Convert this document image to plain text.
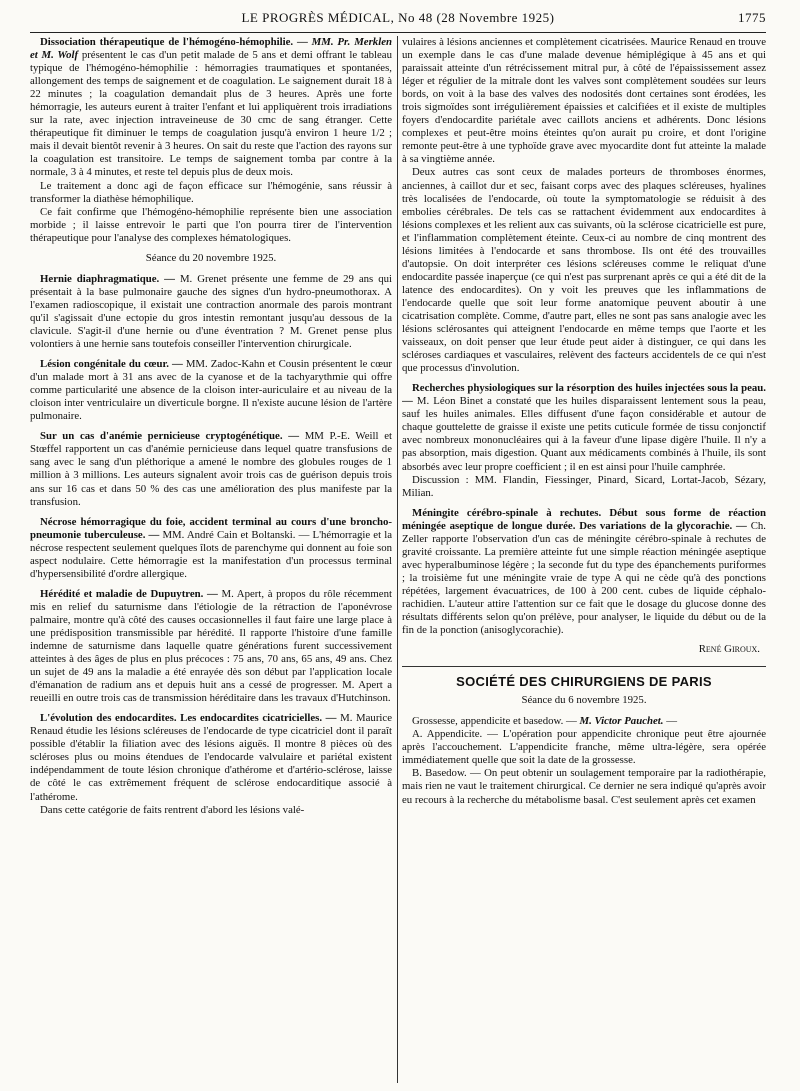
LE PROGRÈS MÉDICAL, No 48 (28 Novembre 1925)	1775

Dissociation thérapeutique de l'hémogéno-hémophilie. — MM. Pr. Merklen et M. Wolf présentent le cas d'un petit malade de 5 ans et demi offrant le tableau typique de l'hémogéno-hémophilie : hémorragies traumatiques et spontanées, allongement des temps de saignement et de coagulation. Le saignement durait 18 à 22 minutes ; la coagulation demandait plus de 3 heures. Après une forte hémorragie, les auteurs eurent à traiter l'enfant et lui appliquèrent trois irradiations sur la rate, avec injection intraveineuse de 30 cmc de sang étranger. Cette thérapeutique fit diminuer le temps de coagulation jusqu'à environ 1 heure 1/2 ; mais il devait bientôt revenir à 3 heures. On sait du reste que l'action des rayons sur la coagulation est transitoire. Le temps de saignement tomba par contre à la normale, 3 à 4 minutes, et reste tel depuis plus de deux mois.

Le traitement a donc agi de façon efficace sur l'hémogénie, sans réussir à transformer la diathèse hémophilique.

Ce fait confirme que l'hémogéno-hémophilie représente bien une association morbide ; il laisse entrevoir le parti que l'on pourra tirer de l'intervention thérapeutique pour l'analyse des complexes hématologiques.

Séance du 20 novembre 1925.

Hernie diaphragmatique. — M. Grenet présente une femme de 29 ans qui présentait à la base pulmonaire gauche des signes d'un hydro-pneumothorax. A l'examen radioscopique, il existait une contraction anormale des parois montrant qu'il s'agissait d'une ectopie du gros intestin remontant jusqu'au dessous de la clavicule. S'agit-il d'une hernie ou d'une éventration ? M. Grenet pense plus volontiers à une hernie sans toutefois conseiller l'intervention chirurgicale.

Lésion congénitale du cœur. — MM. Zadoc-Kahn et Cousin présentent le cœur d'un malade mort à 31 ans avec de la cyanose et de la tachyarythmie qui offre comme particularité une absence de la cloison inter-auriculaire et au niveau de la cloison inter ventriculaire un diverticule borgne. Il n'existe aucune lésion de l'artère pulmonaire.

Sur un cas d'anémie pernicieuse cryptogénétique. — MM P.-E. Weill et Stœffel rapportent un cas d'anémie pernicieuse dans lequel quatre transfusions de sang avec le sang d'un pléthorique a amené le nombre des globules rouges de 1 million à 3 millions. Les auteurs signalent avoir trois cas de guérison depuis trois ans sur 16 cas et dans 50 % des cas une amélioration des plus manifeste par la transfusion.

Nécrose hémorragique du foie, accident terminal au cours d'une broncho-pneumonie tuberculeuse. — MM. André Cain et Boltanski. — L'hémorragie et la nécrose respectent seulement quelques îlots de parenchyme qui donnent au foie son aspect nodulaire. Cette hémorragie est la manifestation d'un processus terminal d'hypersensibilité d'ordre allergique.

Hérédité et maladie de Dupuytren. — M. Apert, à propos du rôle récemment mis en relief du saturnisme dans l'étiologie de la rétraction de l'aponévrose palmaire, montre qu'à côté des causes occasionnelles il faut faire une large place à une prédisposition transmissible par hérédité. Il rapporte l'histoire d'une famille indemne de saturnisme dans laquelle quatre générations furent successivement atteintes à des âges de plus en plus précoces : 75 ans, 70 ans, 65 ans, 49 ans. Chez un sujet de 49 ans la maladie a été enrayée dès son début par l'application locale d'émanation de radium ans et depuis huit ans a cessé de progresser. M. Apert a reueilli en outre trois cas de transmission héréditaire dans les travaux d'Hutchinson.

L'évolution des endocardites. Les endocardites cicatricielles. — M. Maurice Renaud étudie les lésions scléreuses de l'endocarde de type cicatriciel dont il paraît possible d'établir la filiation avec des lésions aiguës. Il montre 8 pièces où des scléroses plus ou moins étendues de l'endocarde valvulaire et pariétal existent indépendamment de toute lésion chronique d'athérome et d'artério-sclérose, laisse de côté le cas extrêmement fréquent de sclérose endocarditique associé à l'athérome.

Dans cette catégorie de faits rentrent d'abord les lésions valé-

vulaires à lésions anciennes et complètement cicatrisées. Maurice Renaud en trouve un exemple dans le cas d'une malade devenue hémiplégique à 45 ans et qui paraissait atteinte d'un rétrécissement mitral pur, à côté de l'épaississement assez léger et régulier de la mitrale dont les valves sont complètement soudées sur leurs bords, on voit à la base des valves des nodosités dont certaines sont érodées, les trois sigmoïdes sont irrégulièrement épaissies et calcifiées et il existe de multiples foyers d'endocardite pariétale avec caillots anciens et adhérents. Donc lésions complexes et peut-être moins éteintes qu'on aurait pu croire, et dont l'origine remonte peut-être à une typhoïde grave avec myocardite dont fut atteinte la malade à sa vingtième année.

Deux autres cas sont ceux de malades porteurs de thromboses énormes, anciennes, à caillot dur et sec, faisant corps avec des plaques scléreuses, hyalines très localisées de l'endocarde, où toute la symptomatologie se réduisit à des embolies cérébrales. De tels cas se rattachent évidemment aux endocardites à lésions complexes et les relient aux cas suivants, où la sclérose cicatricielle est pure, et l'inflammation complètement éteinte. Ceux-ci au nombre de cinq montrent des lésions limitées à l'endocarde et sans thrombose. Ils ont été des trouvailles d'autopsie. On doit interpréter ces lésions scléreuses comme le reliquat d'une endocardite passée inaperçue (ce qui n'est pas surprenant après ce qui a été dit de la latence des endocardites). On y voit les preuves que les inflammations de l'endocarde quelle que soit leur forme anatomique peuvent aboutir à une cicatrisation complète. Comme, d'autre part, elles ne sont pas sans analogie avec les lésions sclérosantes qui atteignent l'endocarde en même temps que l'aorte et les vaisseaux, on doit penser que leur étude peut aider à distinguer, ce qui dans les scléroses cardiaques et vasculaires, relèvent des facteurs accidentels de ce qui n'est que processus d'involution.

Recherches physiologiques sur la résorption des huiles injectées sous la peau. — M. Léon Binet a constaté que les huiles disparaissent lentement sous la peau, sauf les huiles animales. Elles diffusent d'une façon considérable et autour de chaque gouttelette de graisse il existe une petits cuticule formée de tissu conjonctif avec nombreux mononucléaires qui à la faveur d'une lipase digère l'huile. Il n'y a pas absorption, mais digestion. Quant aux médicaments combinés à l'huile, ils sont absorbés avec leur propre coefficient ; il en est ainsi pour l'huile camphrée.

Discussion : MM. Flandin, Fiessinger, Pinard, Sicard, Lortat-Jacob, Sézary, Milian.

Méningite cérébro-spinale à rechutes. Début sous forme de réaction méningée aseptique de longue durée. Des variations de la glycorachie. — Ch. Zeller rapporte l'observation d'un cas de méningite cérébro-spinale à rechutes de gravité croissante. La première atteinte fut une simple réaction méningée aseptique avec hyperalbuminose légère ; la seconde fut du type des épanchements puriformes ; la troisième fut une méningite vraie de type A qui ne cède qu'à des ponctions répétées, largement évacuatrices, de 100 à 200 cent. cubes de liquide céphalo-rachidien. L'auteur attire l'attention sur ce fait que le dosage du glucose donne des résultats différents selon qu'on prélève, pour analyser, le liquide du début ou de la fin de la ponction (anisoglycorachie).

René Giroux.

SOCIÉTÉ DES CHIRURGIENS DE PARIS

Séance du 6 novembre 1925.

Grossesse, appendicite et basedow. — M. Victor Pauchet. —

A. Appendicite. — L'opération pour appendicite chronique peut être ajournée après l'accouchement. L'appendicite franche, même ultra-légère, sera opérée immédiatement quelle que soit la date de la grossesse.

B. Basedow. — On peut obtenir un soulagement temporaire par la radiothérapie, mais rien ne vaut le traitement chirurgical. Ce dernier ne sera indiqué qu'après avoir eu recours à la recherche du métabolisme basal. C'est seulement après cet examen
